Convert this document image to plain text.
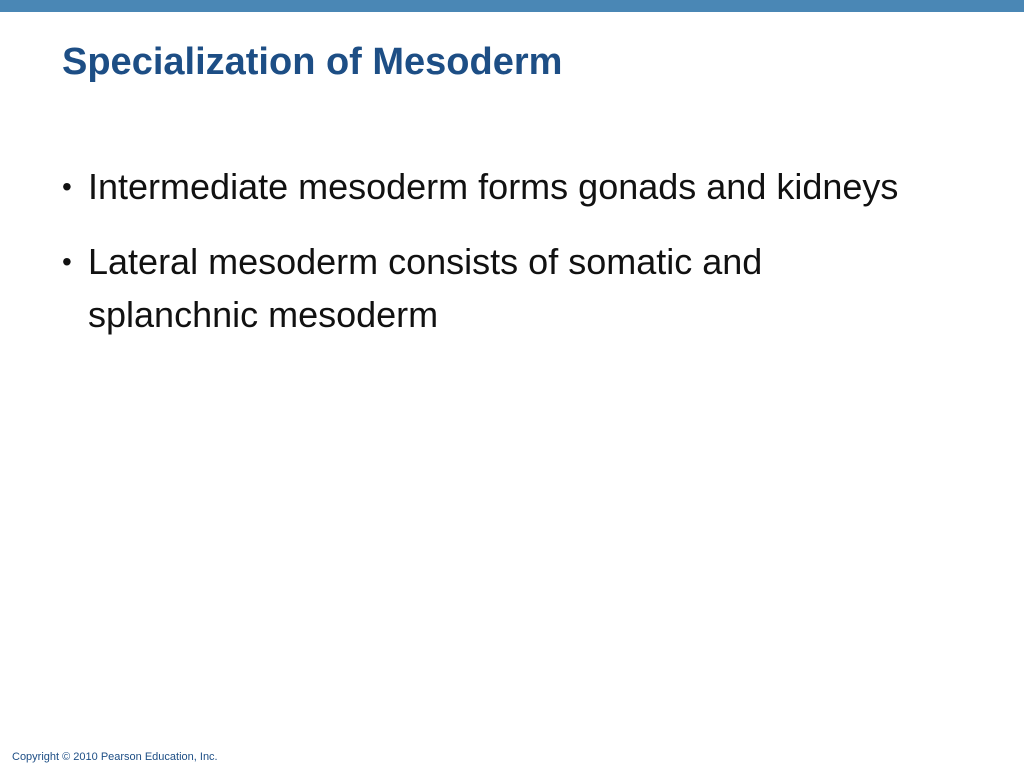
Specialization of Mesoderm
• Intermediate mesoderm forms gonads and kidneys
• Lateral mesoderm consists of somatic and splanchnic mesoderm
Copyright © 2010 Pearson Education, Inc.
